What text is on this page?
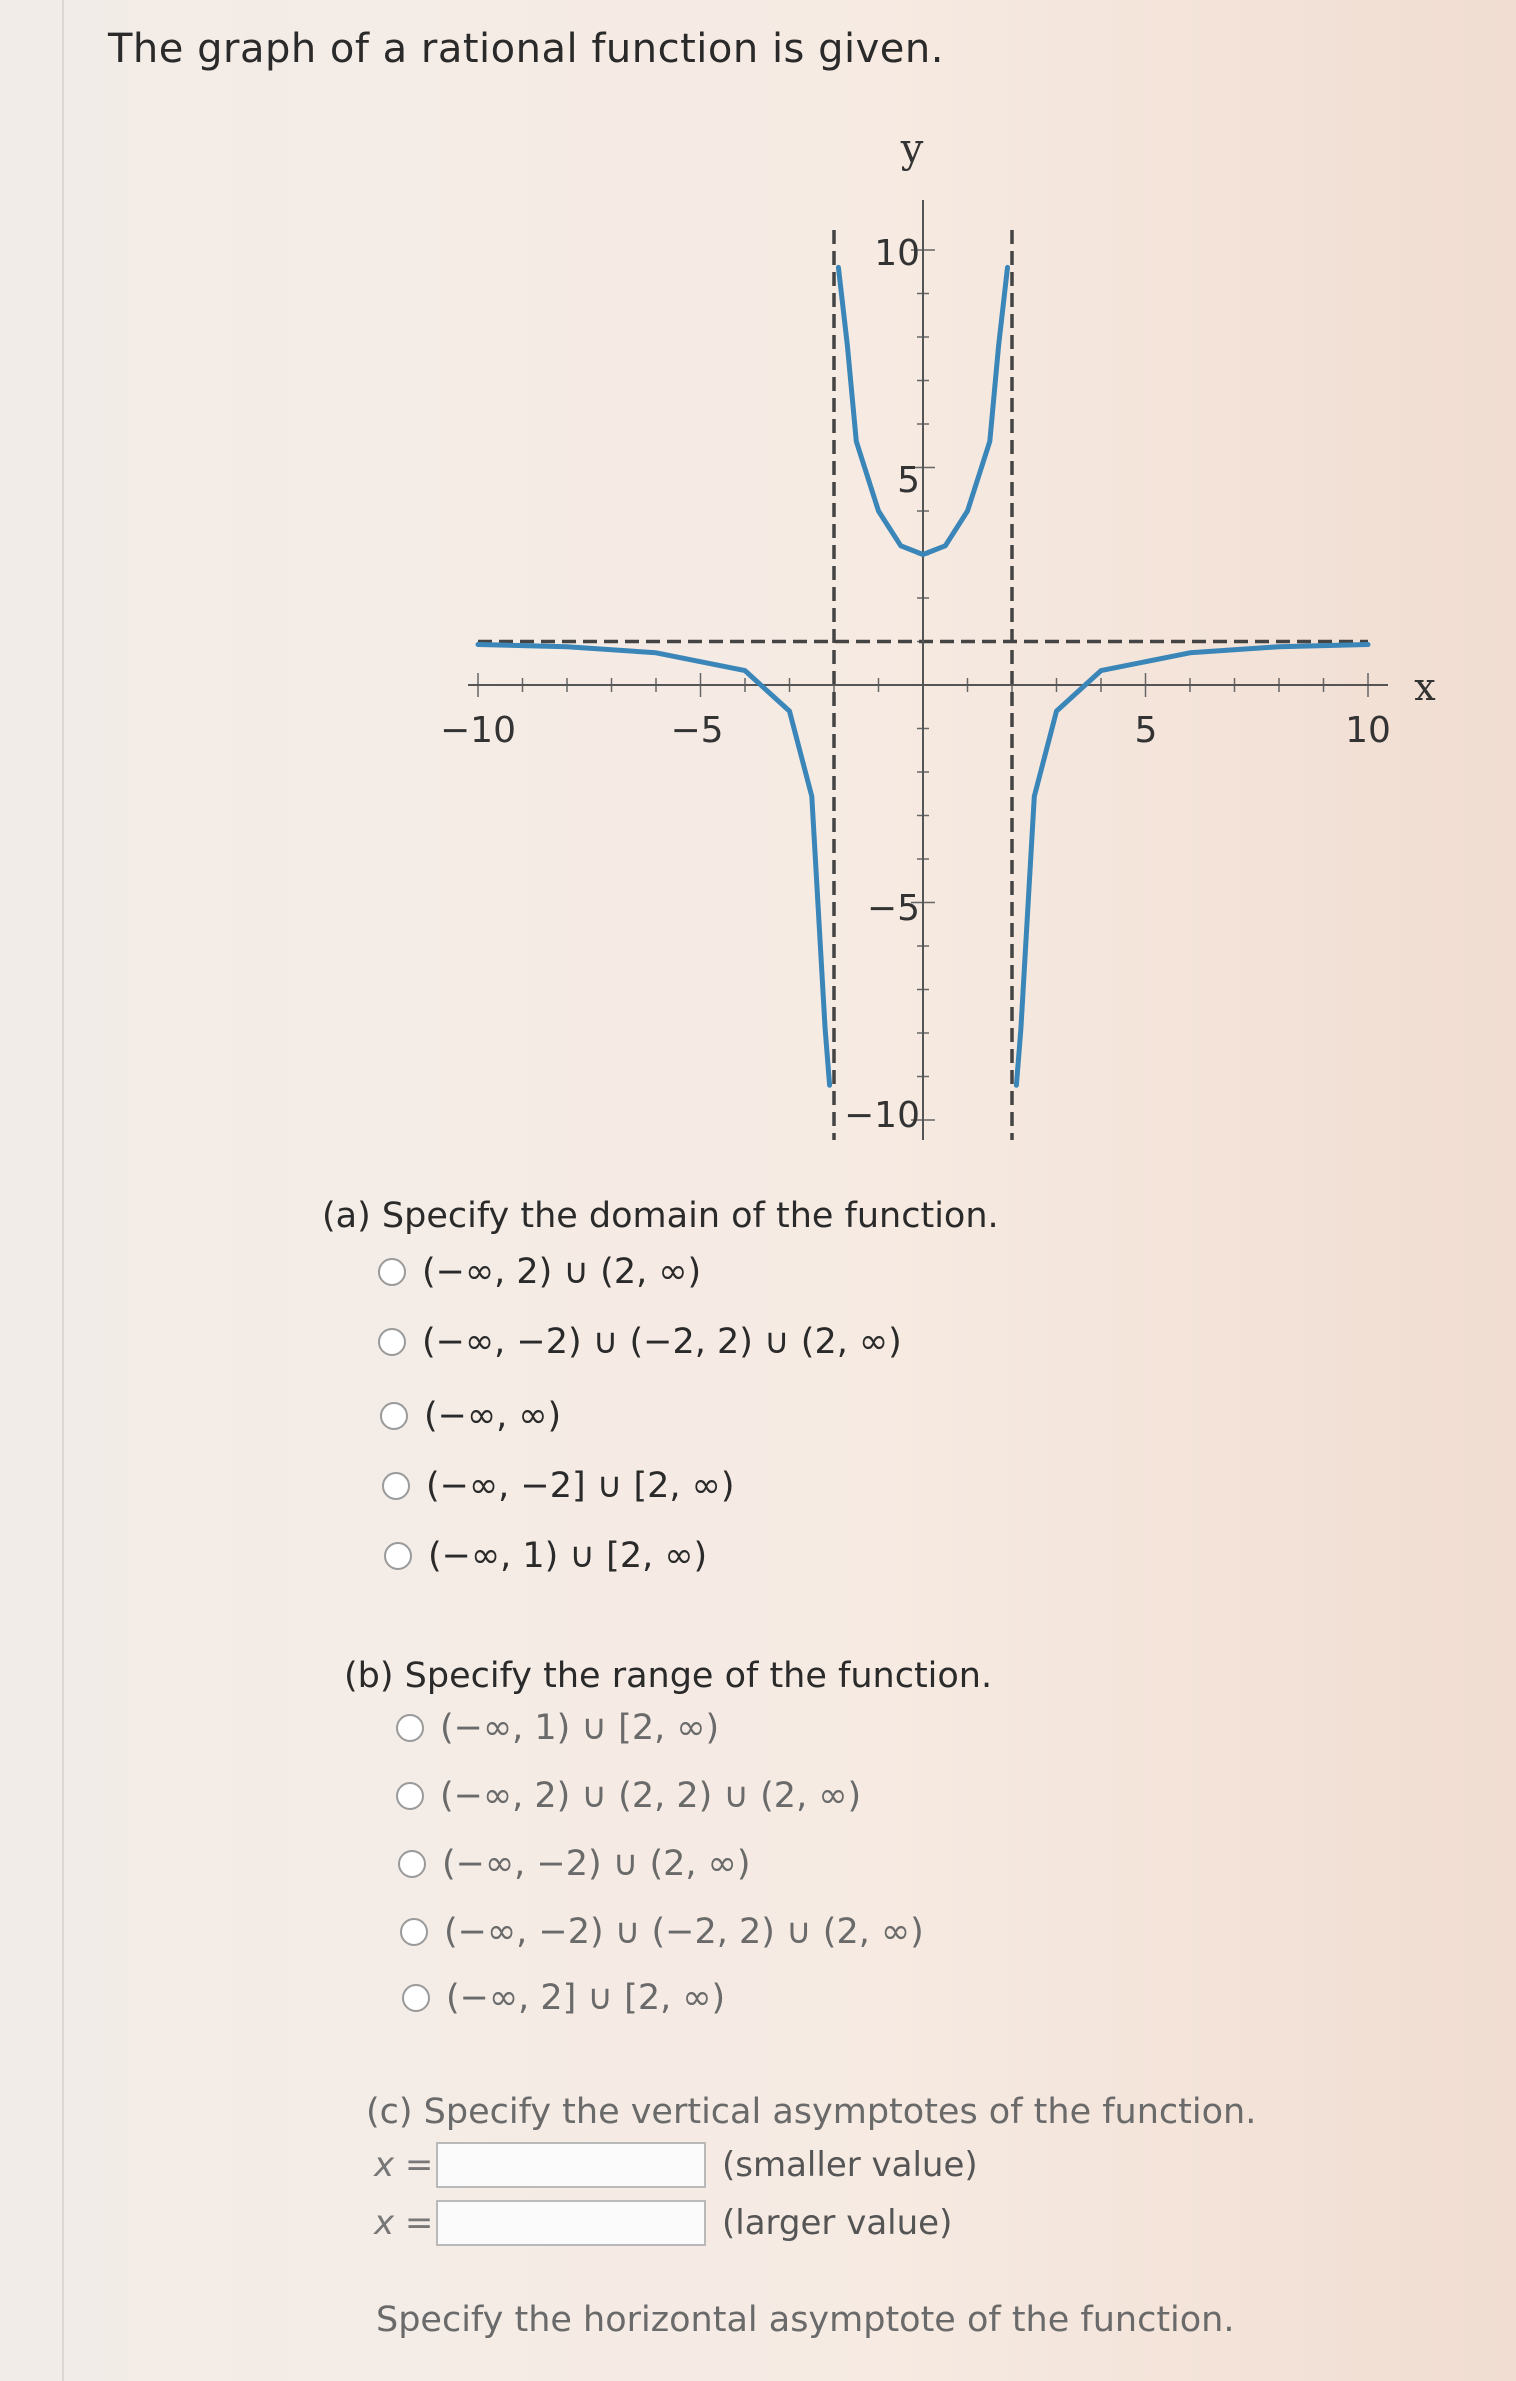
The graph of a rational function is given.
y
x
−10	−5	5	10
10
5
−5
−10
(a) Specify the domain of the function.
(−∞, 2) ∪ (2, ∞)
(−∞, −2) ∪ (−2, 2) ∪ (2, ∞)
(−∞, ∞)
(−∞, −2] ∪ [2, ∞)
(−∞, 1) ∪ [2, ∞)
(b) Specify the range of the function.
(−∞, 1) ∪ [2, ∞)
(−∞, 2) ∪ (2, 2) ∪ (2, ∞)
(−∞, −2) ∪ (2, ∞)
(−∞, −2) ∪ (−2, 2) ∪ (2, ∞)
(−∞, 2] ∪ [2, ∞)
(c) Specify the vertical asymptotes of the function.
x =	(smaller value)
x =	(larger value)
Specify the horizontal asymptote of the function.
